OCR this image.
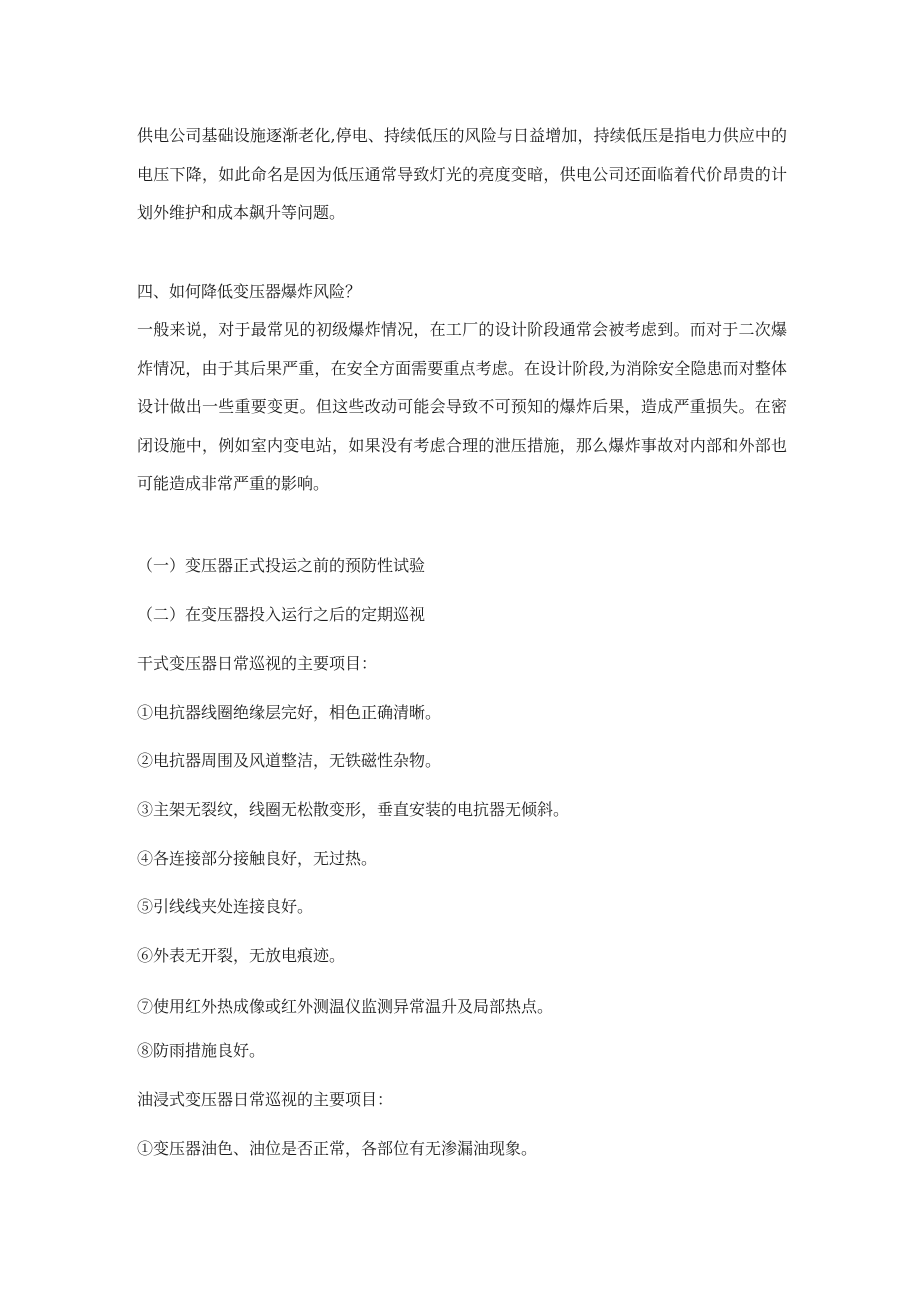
供电公司基础设施逐渐老化,停电、持续低压的风险与日益增加，持续低压是指电力供应中的电压下降，如此命名是因为低压通常导致灯光的亮度变暗，供电公司还面临着代价昂贵的计划外维护和成本飙升等问题。

四、如何降低变压器爆炸风险？

一般来说，对于最常见的初级爆炸情况，在工厂的设计阶段通常会被考虑到。而对于二次爆炸情况，由于其后果严重，在安全方面需要重点考虑。在设计阶段,为消除安全隐患而对整体设计做出一些重要变更。但这些改动可能会导致不可预知的爆炸后果，造成严重损失。在密闭设施中，例如室内变电站，如果没有考虑合理的泄压措施，那么爆炸事故对内部和外部也可能造成非常严重的影响。

（一）变压器正式投运之前的预防性试验

（二）在变压器投入运行之后的定期巡视

干式变压器日常巡视的主要项目：

①电抗器线圈绝缘层完好，相色正确清晰。

②电抗器周围及风道整洁，无铁磁性杂物。

③主架无裂纹，线圈无松散变形，垂直安装的电抗器无倾斜。

④各连接部分接触良好，无过热。

⑤引线线夹处连接良好。

⑥外表无开裂，无放电痕迹。

⑦使用红外热成像或红外测温仪监测异常温升及局部热点。

⑧防雨措施良好。

油浸式变压器日常巡视的主要项目：

①变压器油色、油位是否正常，各部位有无渗漏油现象。
